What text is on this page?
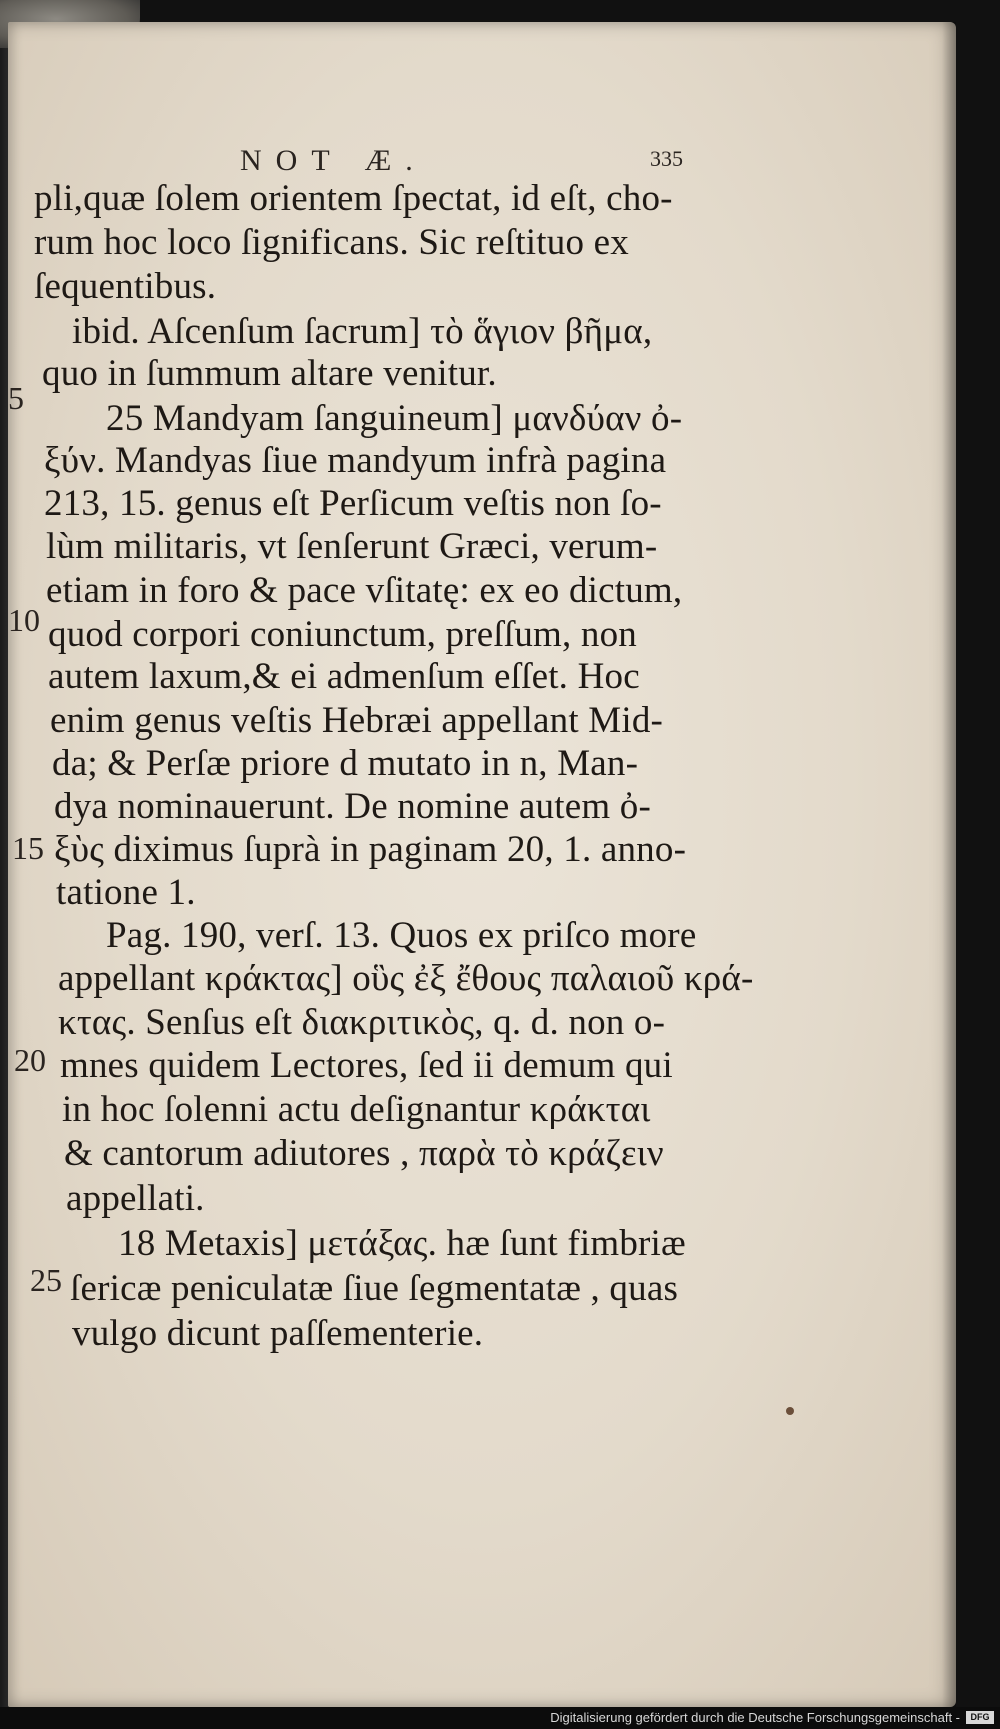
NOT Æ.	335
pli,quæ ſolem orientem ſpectat, id eſt, cho-
rum hoc loco ſignificans. Sic reſtituo ex
ſequentibus.
ibid. Aſcenſum ſacrum] τὸ ἅγιον βῆμα,
quo in ſummum altare venitur.
25 Mandyam ſanguineum] μανδύαν ὀ-
ξύν. Mandyas ſiue mandyum infrà pagina
213, 15. genus eſt Perſicum veſtis non ſo-
lùm militaris, vt ſenſerunt Græci, verum-
etiam in foro & pace vſitatę: ex eo dictum,
quod corpori coniunctum, preſſum, non
autem laxum,& ei admenſum eſſet. Hoc
enim genus veſtis Hebræi appellant Mid-
da; & Perſæ priore d mutato in n, Man-
dya nominauerunt. De nomine autem ὀ-
ξὺς diximus ſuprà in paginam 20, 1. anno-
tatione 1.
Pag. 190, verſ. 13. Quos ex priſco more
appellant κράκτας] οὓς ἐξ ἔθους παλαιοῦ κρά-
κτας. Senſus eſt διακριτικὸς, q. d. non o-
mnes quidem Lectores, ſed ii demum qui
in hoc ſolenni actu deſignantur κράκται
& cantorum adiutores , παρὰ τὸ κράζειν
appellati.
18 Metaxis] μετάξας. hæ ſunt fimbriæ
ſericæ peniculatæ ſiue ſegmentatæ , quas
vulgo dicunt paſſementerie.
5
10
15
20
25
Digitalisierung gefördert durch die Deutsche Forschungsgemeinschaft -	DFG
